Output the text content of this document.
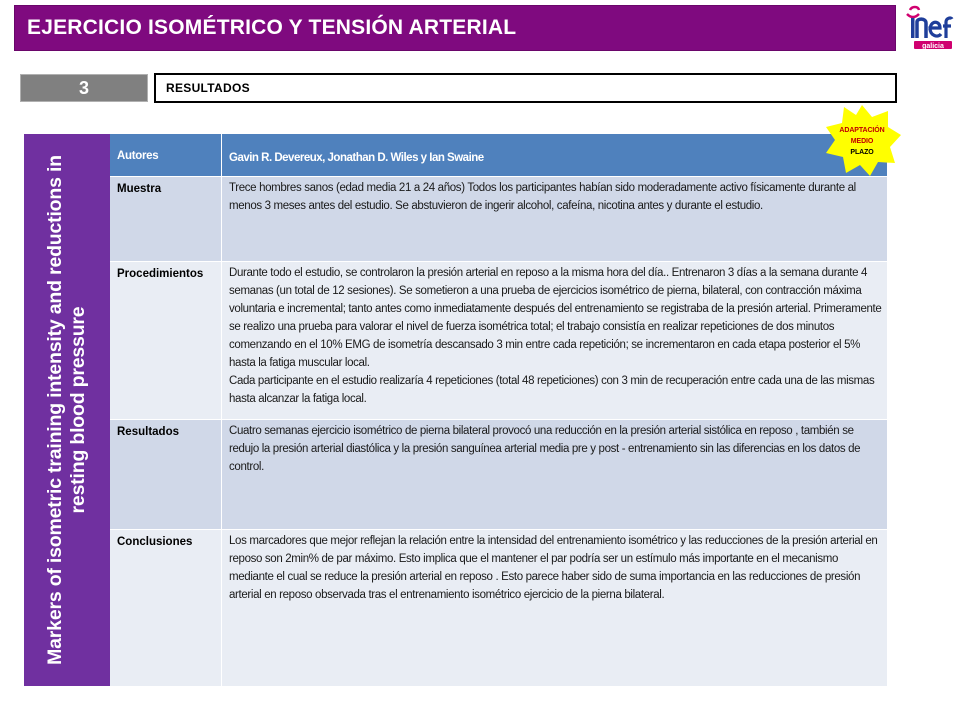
EJERCICIO ISOMÉTRICO Y TENSIÓN ARTERIAL
galicia
3	RESULTADOS
Markers of isometric training intensity and reductions in resting blood pressure
Autores	Gavin R. Devereux, Jonathan D. Wiles y Ian Swaine
Muestra	Trece hombres sanos (edad media 21 a 24 años) Todos los participantes habían sido moderadamente activo físicamente durante al menos 3 meses antes del estudio. Se abstuvieron de ingerir alcohol, cafeína, nicotina antes y durante el estudio.
Procedimientos	Durante todo el estudio, se controlaron la presión arterial en reposo a la misma hora del día.. Entrenaron 3 días a la semana durante 4 semanas (un total de 12 sesiones). Se sometieron a una prueba de ejercicios isométrico de pierna, bilateral, con contracción máxima voluntaria e incremental; tanto antes como inmediatamente después del entrenamiento se registraba de la presión arterial. Primeramente se realizo una prueba para valorar el nivel de fuerza isométrica total; el trabajo consistía en realizar repeticiones de dos minutos comenzando en el 10% EMG de isometría descansado 3 min entre cada repetición; se incrementaron en cada etapa posterior el 5% hasta la fatiga muscular local.
Cada participante en el estudio realizaría 4 repeticiones (total 48 repeticiones) con 3 min de recuperación entre cada una de las mismas hasta alcanzar la fatiga local.
Resultados	Cuatro semanas ejercicio isométrico de pierna bilateral provocó una reducción en la presión arterial sistólica en reposo , también se redujo la presión arterial diastólica y la presión sanguínea arterial media pre y post - entrenamiento sin las diferencias en los datos de control.
Conclusiones	Los marcadores que mejor reflejan la relación entre la intensidad del entrenamiento isométrico y las reducciones de la presión arterial en reposo son 2min% de par máximo. Esto implica que el mantener el par podría ser un estímulo más importante en el mecanismo mediante el cual se reduce la presión arterial en reposo . Esto parece haber sido de suma importancia en las reducciones de presión arterial en reposo observada tras el entrenamiento isométrico ejercicio de la pierna bilateral.
ADAPTACIÓN
MEDIO
PLAZO
